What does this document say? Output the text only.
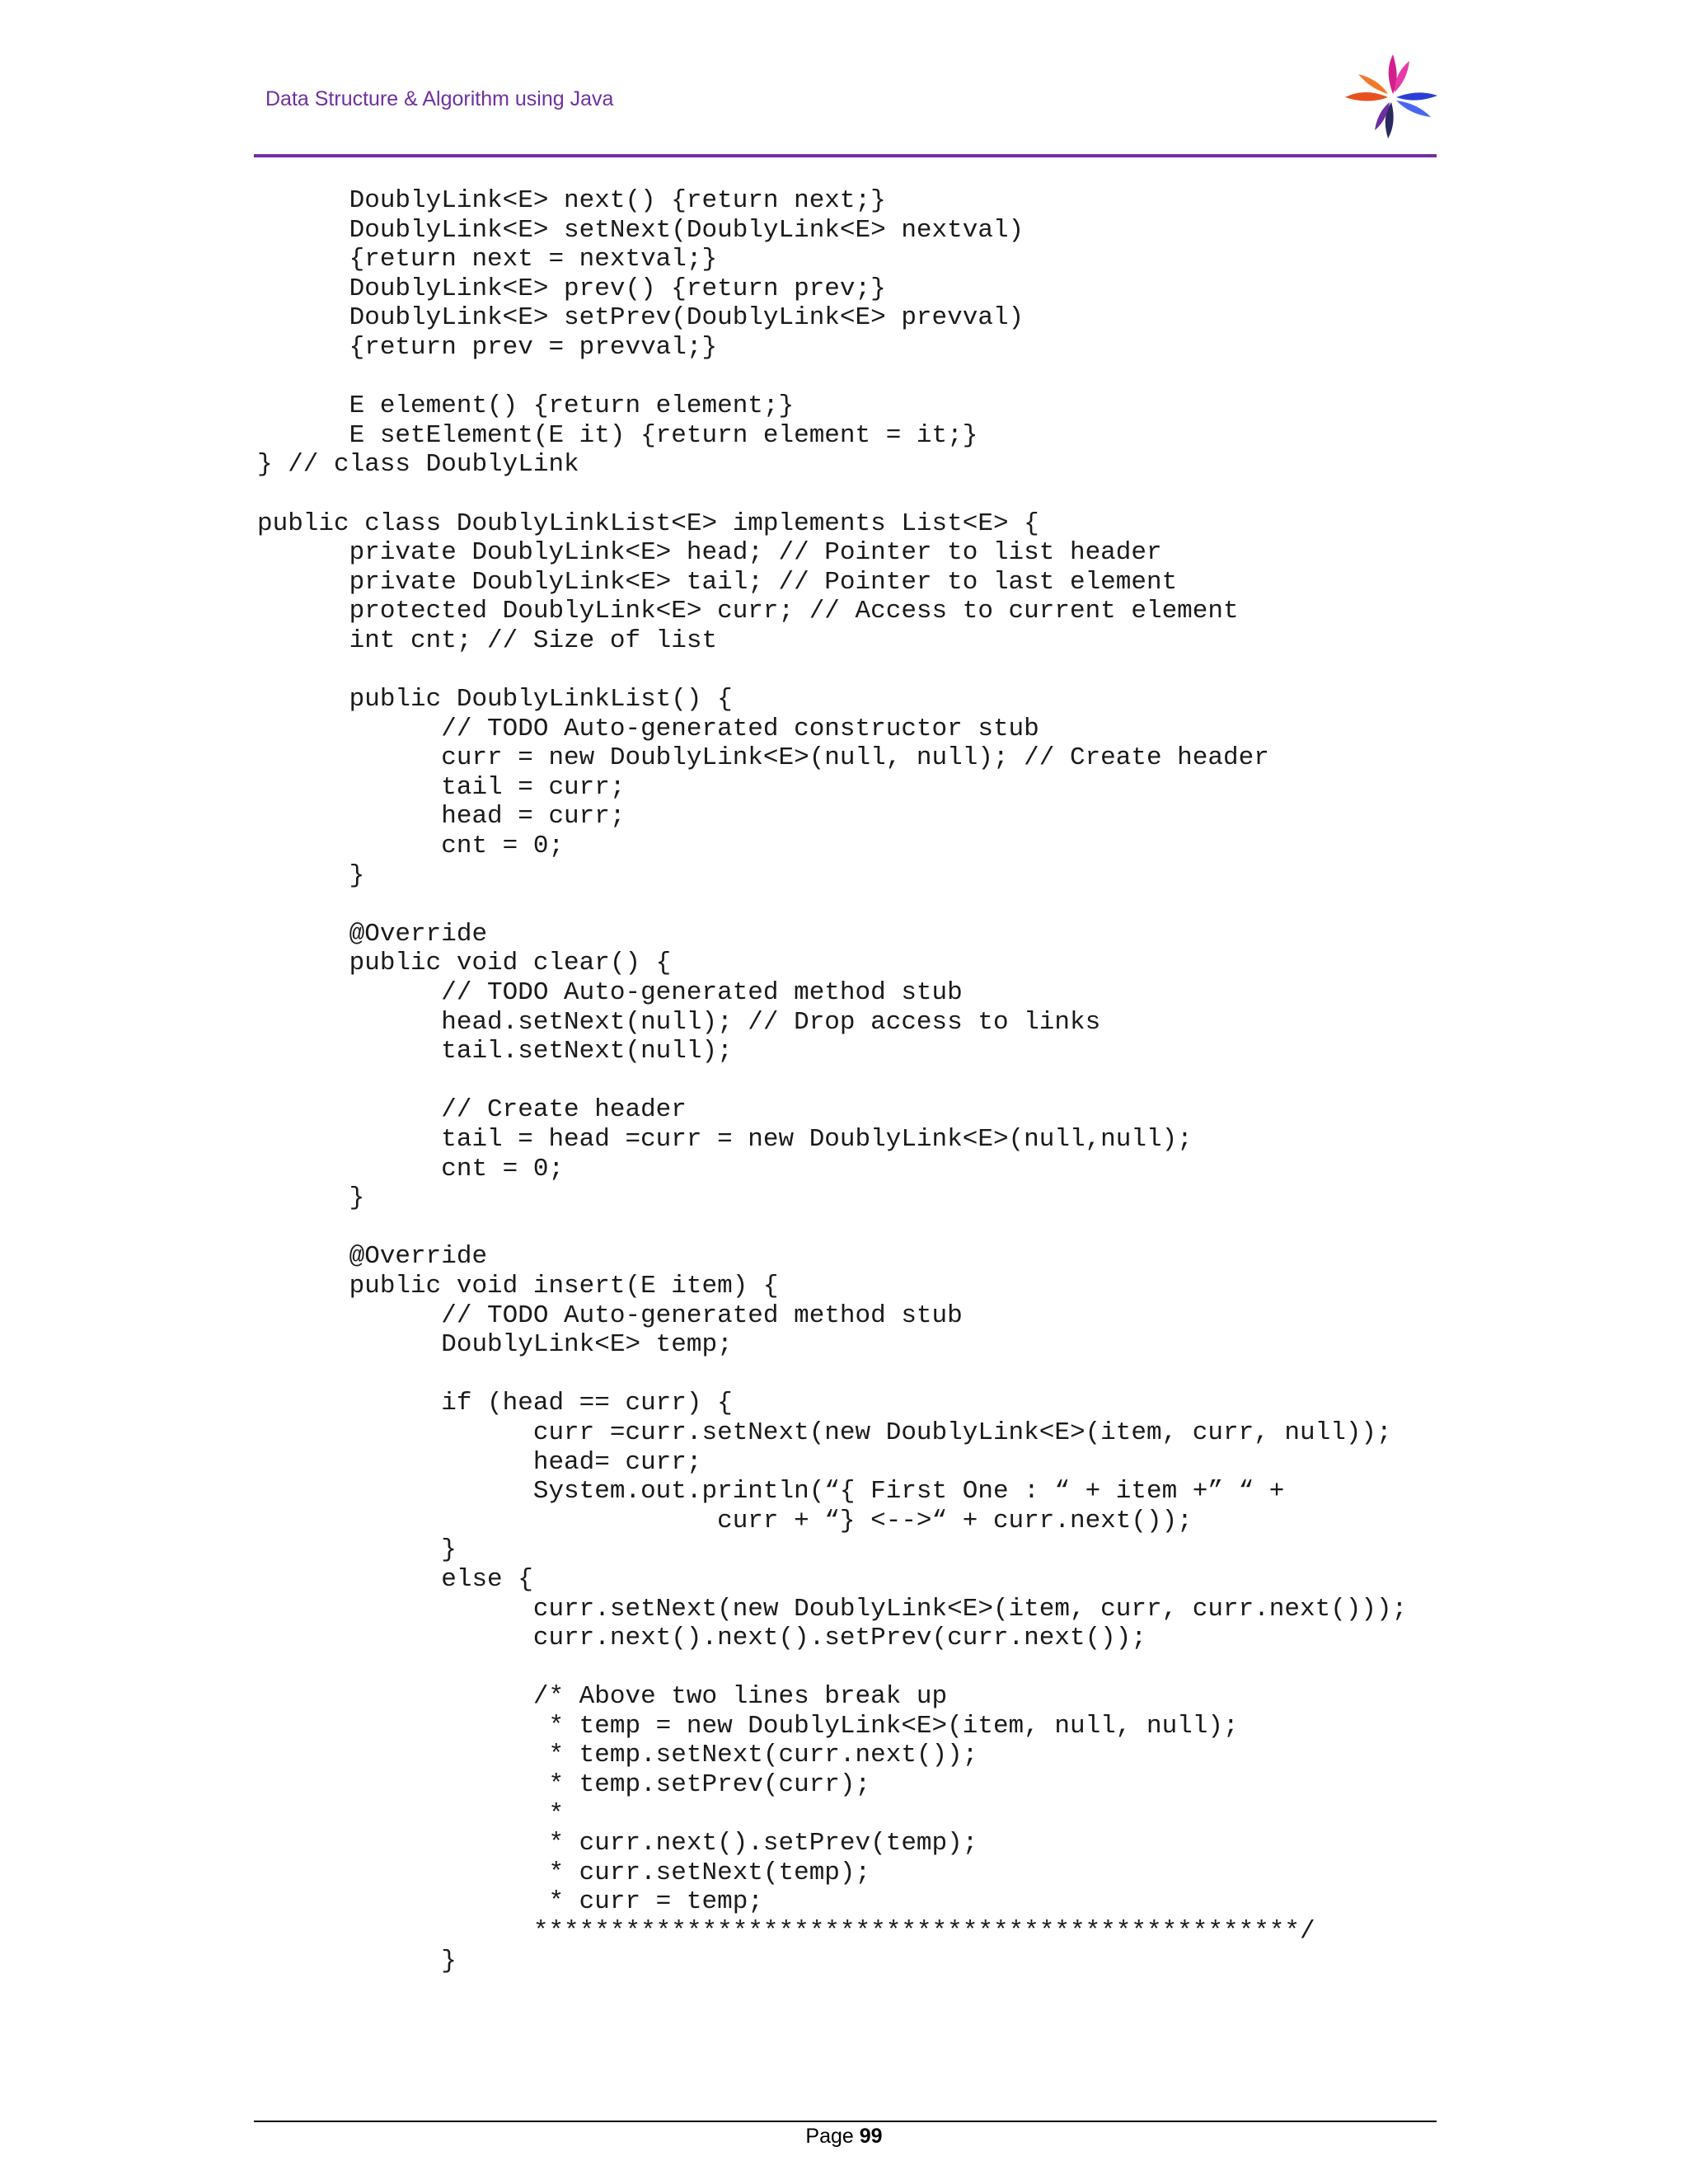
Data Structure & Algorithm using Java
DoublyLink<E> next() {return next;}
DoublyLink<E> setNext(DoublyLink<E> nextval)
{return next = nextval;}
DoublyLink<E> prev() {return prev;}
DoublyLink<E> setPrev(DoublyLink<E> prevval)
{return prev = prevval;}
E element() {return element;}
E setElement(E it) {return element = it;}
} // class DoublyLink
public class DoublyLinkList<E> implements List<E> {
private DoublyLink<E> head; // Pointer to list header
private DoublyLink<E> tail; // Pointer to last element
protected DoublyLink<E> curr; // Access to current element
int cnt; // Size of list
public DoublyLinkList() {
// TODO Auto-generated constructor stub
curr = new DoublyLink<E>(null, null); // Create header
tail = curr;
head = curr;
cnt = 0;
}
@Override
public void clear() {
// TODO Auto-generated method stub
head.setNext(null); // Drop access to links
tail.setNext(null);
// Create header
tail = head =curr = new DoublyLink<E>(null,null);
cnt = 0;
}
@Override
public void insert(E item) {
// TODO Auto-generated method stub
DoublyLink<E> temp;
if (head == curr) {
curr =curr.setNext(new DoublyLink<E>(item, curr, null));
head= curr;
System.out.println(“{ First One : “ + item +” “ +
curr + “} <-->“ + curr.next());
}
else {
curr.setNext(new DoublyLink<E>(item, curr, curr.next()));
curr.next().next().setPrev(curr.next());
/* Above two lines break up
* temp = new DoublyLink<E>(item, null, null);
* temp.setNext(curr.next());
* temp.setPrev(curr);
*
* curr.next().setPrev(temp);
* curr.setNext(temp);
* curr = temp;
**************************************************/
}
Page 99
